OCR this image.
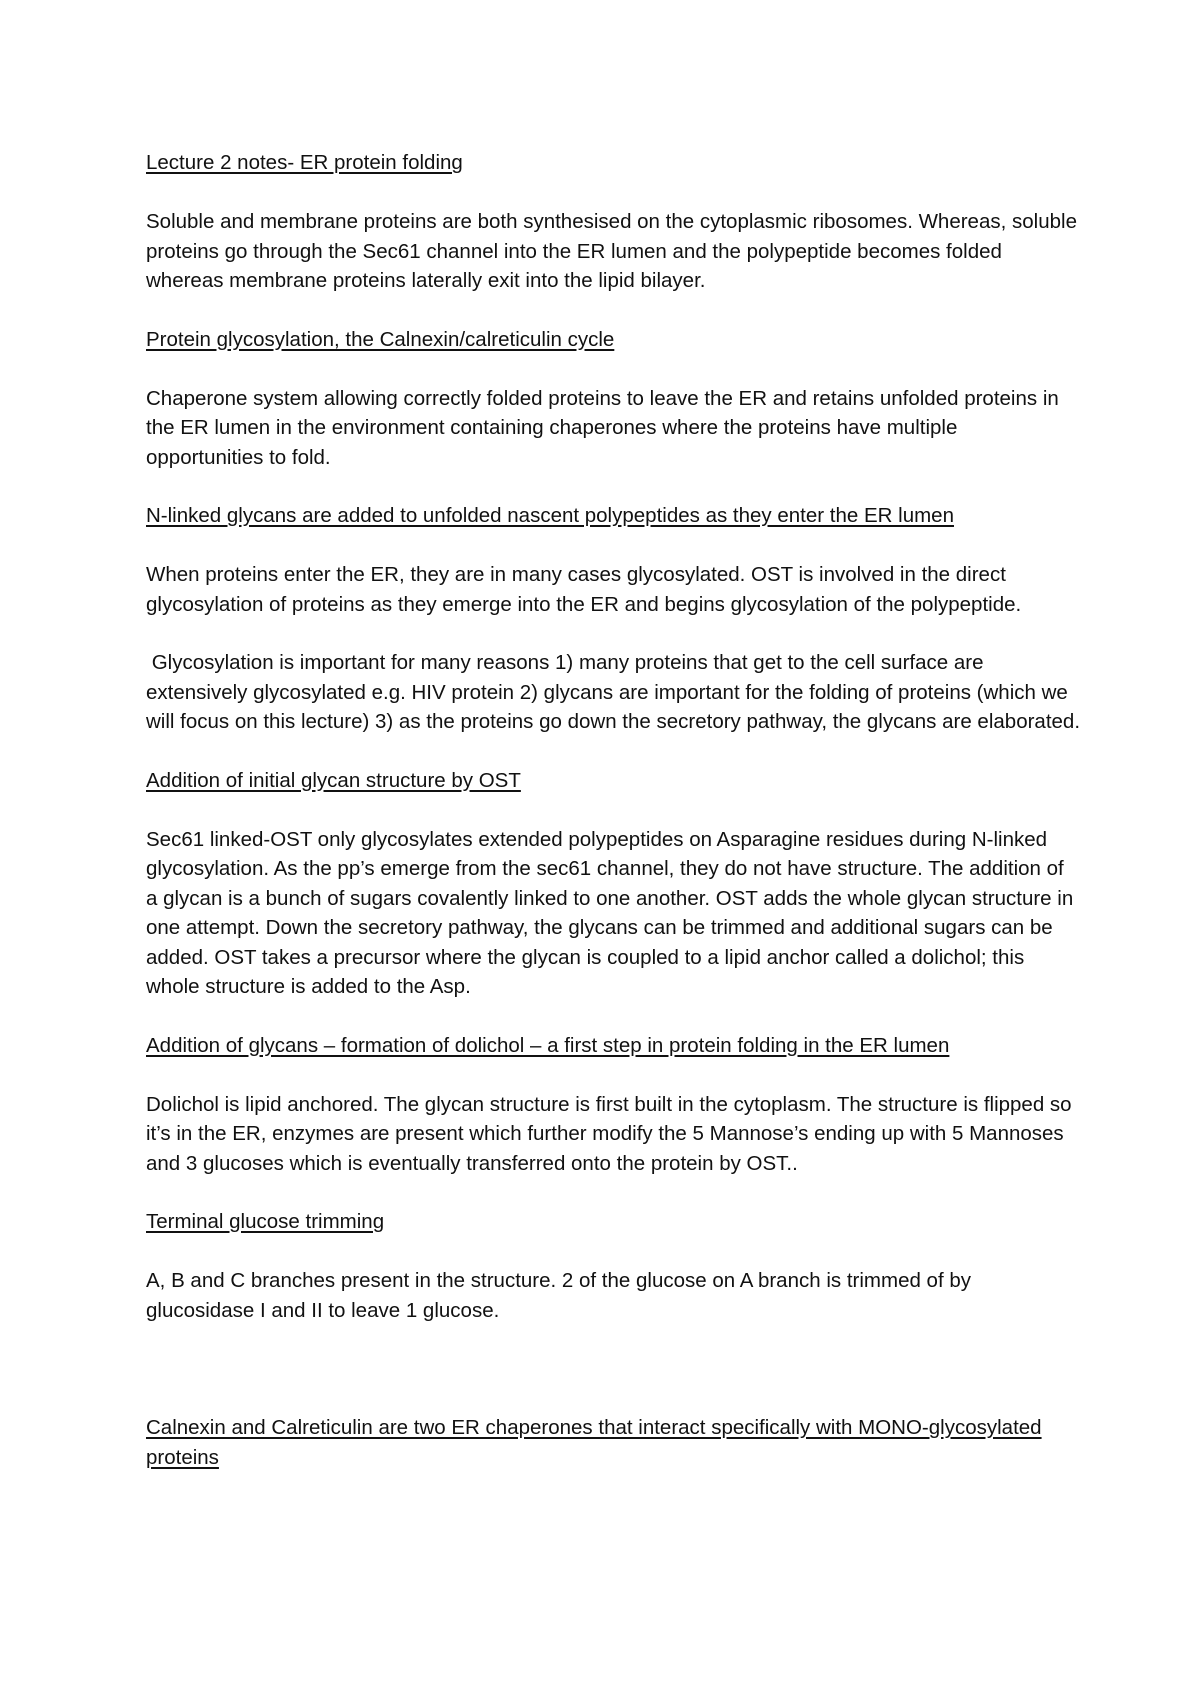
Lecture 2 notes- ER protein folding
Soluble and membrane proteins are both synthesised on the cytoplasmic ribosomes. Whereas, soluble proteins go through the Sec61 channel into the ER lumen and the polypeptide becomes folded whereas membrane proteins laterally exit into the lipid bilayer.
Protein glycosylation, the Calnexin/calreticulin cycle
Chaperone system allowing correctly folded proteins to leave the ER and retains unfolded proteins in the ER lumen in the environment containing chaperones where the proteins have multiple opportunities to fold.
N-linked glycans are added to unfolded nascent polypeptides as they enter the ER lumen
When proteins enter the ER, they are in many cases glycosylated. OST is involved in the direct glycosylation of proteins as they emerge into the ER and begins glycosylation of the polypeptide.
Glycosylation is important for many reasons 1) many proteins that get to the cell surface are extensively glycosylated e.g. HIV protein 2) glycans are important for the folding of proteins (which we will focus on this lecture) 3) as the proteins go down the secretory pathway, the glycans are elaborated.
Addition of initial glycan structure by OST
Sec61 linked-OST only glycosylates extended polypeptides on Asparagine residues during N-linked glycosylation. As the pp’s emerge from the sec61 channel, they do not have structure. The addition of a glycan is a bunch of sugars covalently linked to one another. OST adds the whole glycan structure in one attempt. Down the secretory pathway, the glycans can be trimmed and additional sugars can be added. OST takes a precursor where the glycan is coupled to a lipid anchor called a dolichol; this whole structure is added to the Asp.
Addition of glycans – formation of dolichol – a first step in protein folding in the ER lumen
Dolichol is lipid anchored. The glycan structure is first built in the cytoplasm. The structure is flipped so it’s in the ER, enzymes are present which further modify the 5 Mannose’s ending up with 5 Mannoses and 3 glucoses which is eventually transferred onto the protein by OST..
Terminal glucose trimming
A, B and C branches present in the structure. 2 of the glucose on A branch is trimmed of by glucosidase I and II to leave 1 glucose.
Calnexin and Calreticulin are two ER chaperones that interact specifically with MONO-glycosylated proteins
